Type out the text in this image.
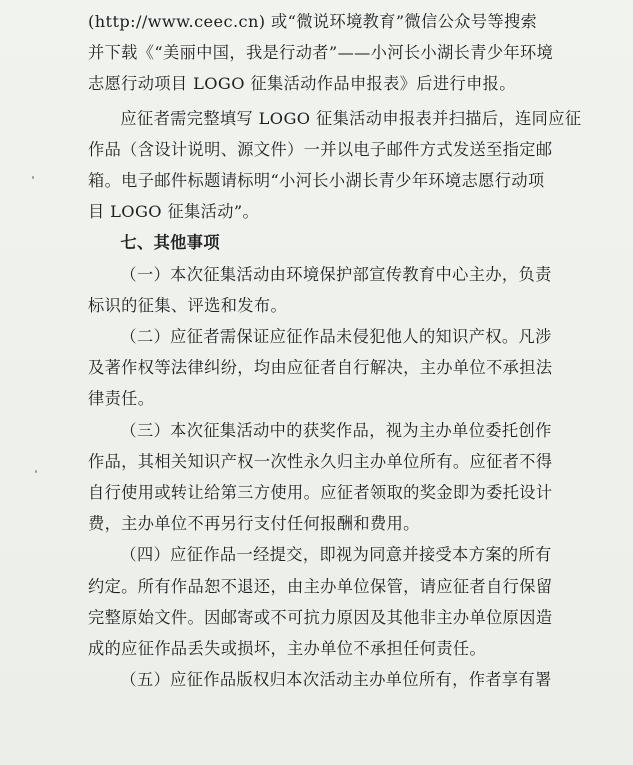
(http://www.ceec.cn) 或“微说环境教育”微信公众号等搜索
并下载《“美丽中国，我是行动者”——小河长小湖长青少年环境
志愿行动项目 LOGO 征集活动作品申报表》后进行申报。

应征者需完整填写 LOGO 征集活动申报表并扫描后，连同应征
作品（含设计说明、源文件）一并以电子邮件方式发送至指定邮
箱。电子邮件标题请标明“小河长小湖长青少年环境志愿行动项
目 LOGO 征集活动”。

七、其他事项

（一）本次征集活动由环境保护部宣传教育中心主办，负责
标识的征集、评选和发布。

（二）应征者需保证应征作品未侵犯他人的知识产权。凡涉
及著作权等法律纠纷，均由应征者自行解决，主办单位不承担法
律责任。

（三）本次征集活动中的获奖作品，视为主办单位委托创作
作品，其相关知识产权一次性永久归主办单位所有。应征者不得
自行使用或转让给第三方使用。应征者领取的奖金即为委托设计
费，主办单位不再另行支付任何报酬和费用。

（四）应征作品一经提交，即视为同意并接受本方案的所有
约定。所有作品恕不退还，由主办单位保管，请应征者自行保留
完整原始文件。因邮寄或不可抗力原因及其他非主办单位原因造
成的应征作品丢失或损坏，主办单位不承担任何责任。

（五）应征作品版权归本次活动主办单位所有，作者享有署
